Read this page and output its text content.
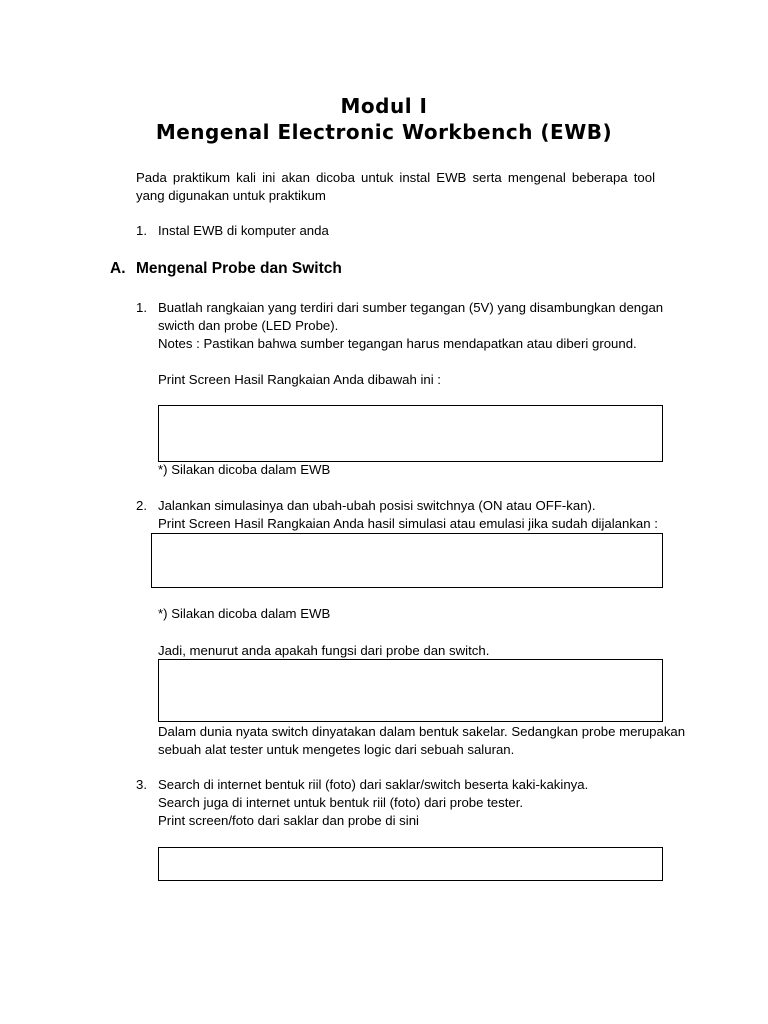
Modul I
Mengenal Electronic Workbench (EWB)
Pada praktikum kali ini akan dicoba untuk instal EWB serta mengenal beberapa tool yang digunakan untuk praktikum
1. Instal EWB di komputer anda
A. Mengenal Probe dan Switch
1. Buatlah rangkaian yang terdiri dari sumber tegangan (5V) yang disambungkan dengan
swicth dan probe (LED Probe).
Notes : Pastikan bahwa sumber tegangan harus mendapatkan atau diberi ground.
Print Screen Hasil Rangkaian Anda dibawah ini :
*) Silakan dicoba dalam EWB
2. Jalankan simulasinya dan ubah-ubah posisi switchnya (ON atau OFF-kan).
Print Screen Hasil Rangkaian Anda hasil simulasi atau emulasi jika sudah dijalankan :
*) Silakan dicoba dalam EWB
Jadi, menurut anda apakah fungsi dari probe dan switch.
Dalam dunia nyata switch dinyatakan dalam bentuk sakelar. Sedangkan probe merupakan
sebuah alat tester untuk mengetes logic dari sebuah saluran.
3. Search di internet bentuk riil (foto) dari saklar/switch beserta kaki-kakinya.
Search juga di internet untuk bentuk riil (foto) dari probe tester.
Print screen/foto dari saklar dan probe di sini
